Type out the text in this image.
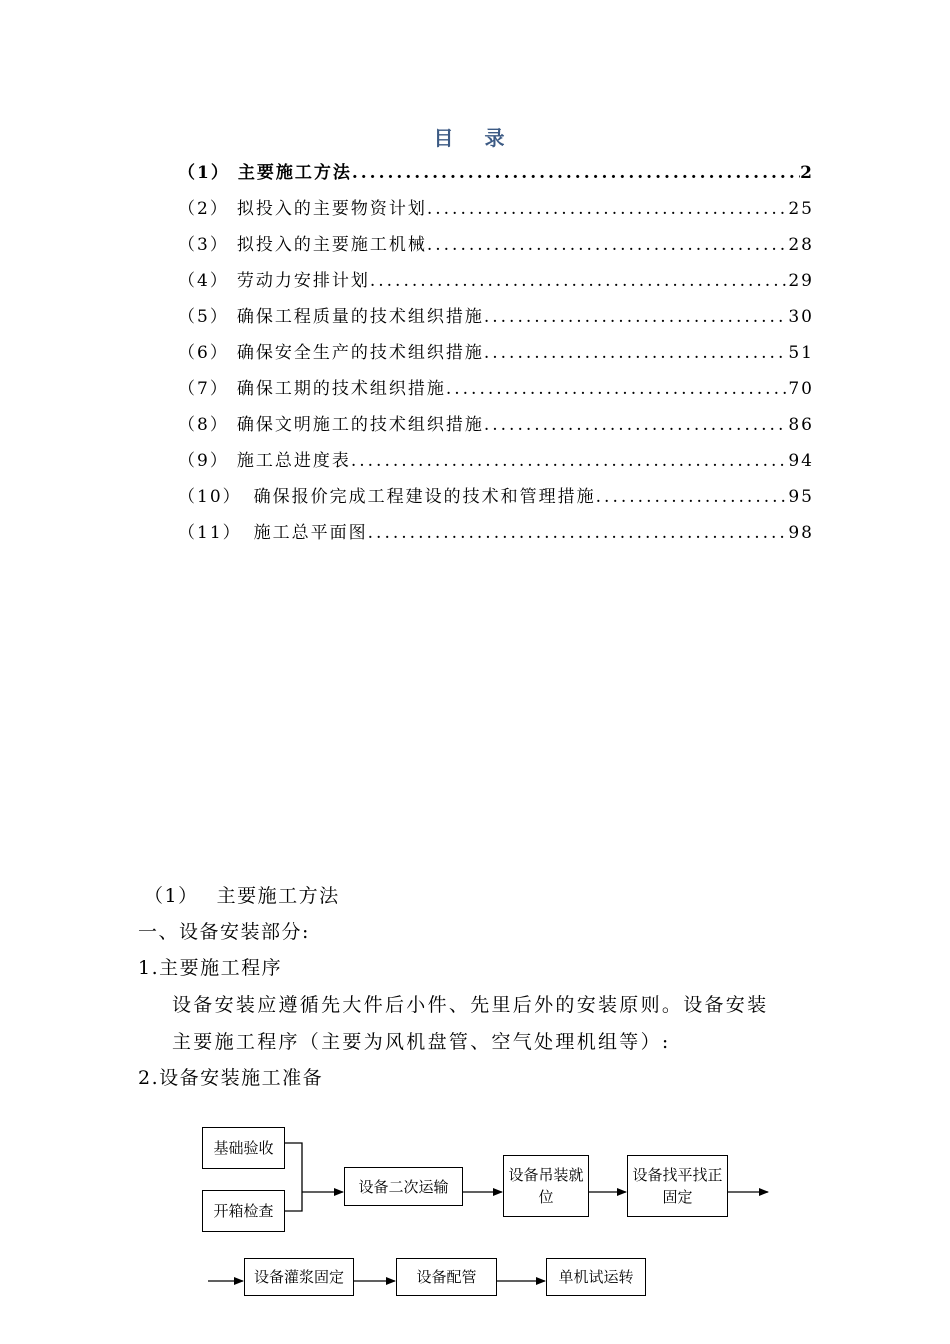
目 录
（1） 主要施工方法 .....	2
（2） 拟投入的主要物资计划 .....	25
（3） 拟投入的主要施工机械 .....	28
（4） 劳动力安排计划 .....	29
（5） 确保工程质量的技术组织措施 .....	30
（6） 确保安全生产的技术组织措施 .....	51
（7） 确保工期的技术组织措施 .....	70
（8） 确保文明施工的技术组织措施 .....	86
（9） 施工总进度表 .....	94
（10） 确保报价完成工程建设的技术和管理措施 .....	95
（11） 施工总平面图 .....	98

（1） 主要施工方法

一、设备安装部分:

1.主要施工程序

设备安装应遵循先大件后小件、先里后外的安装原则。设备安装

主要施工程序（主要为风机盘管、空气处理机组等）:

2.设备安装施工准备

基础验收
开箱检查
设备二次运输
设备吊装就
位
设备找平找正
固定
设备灌浆固定	设备配管	单机试运转
